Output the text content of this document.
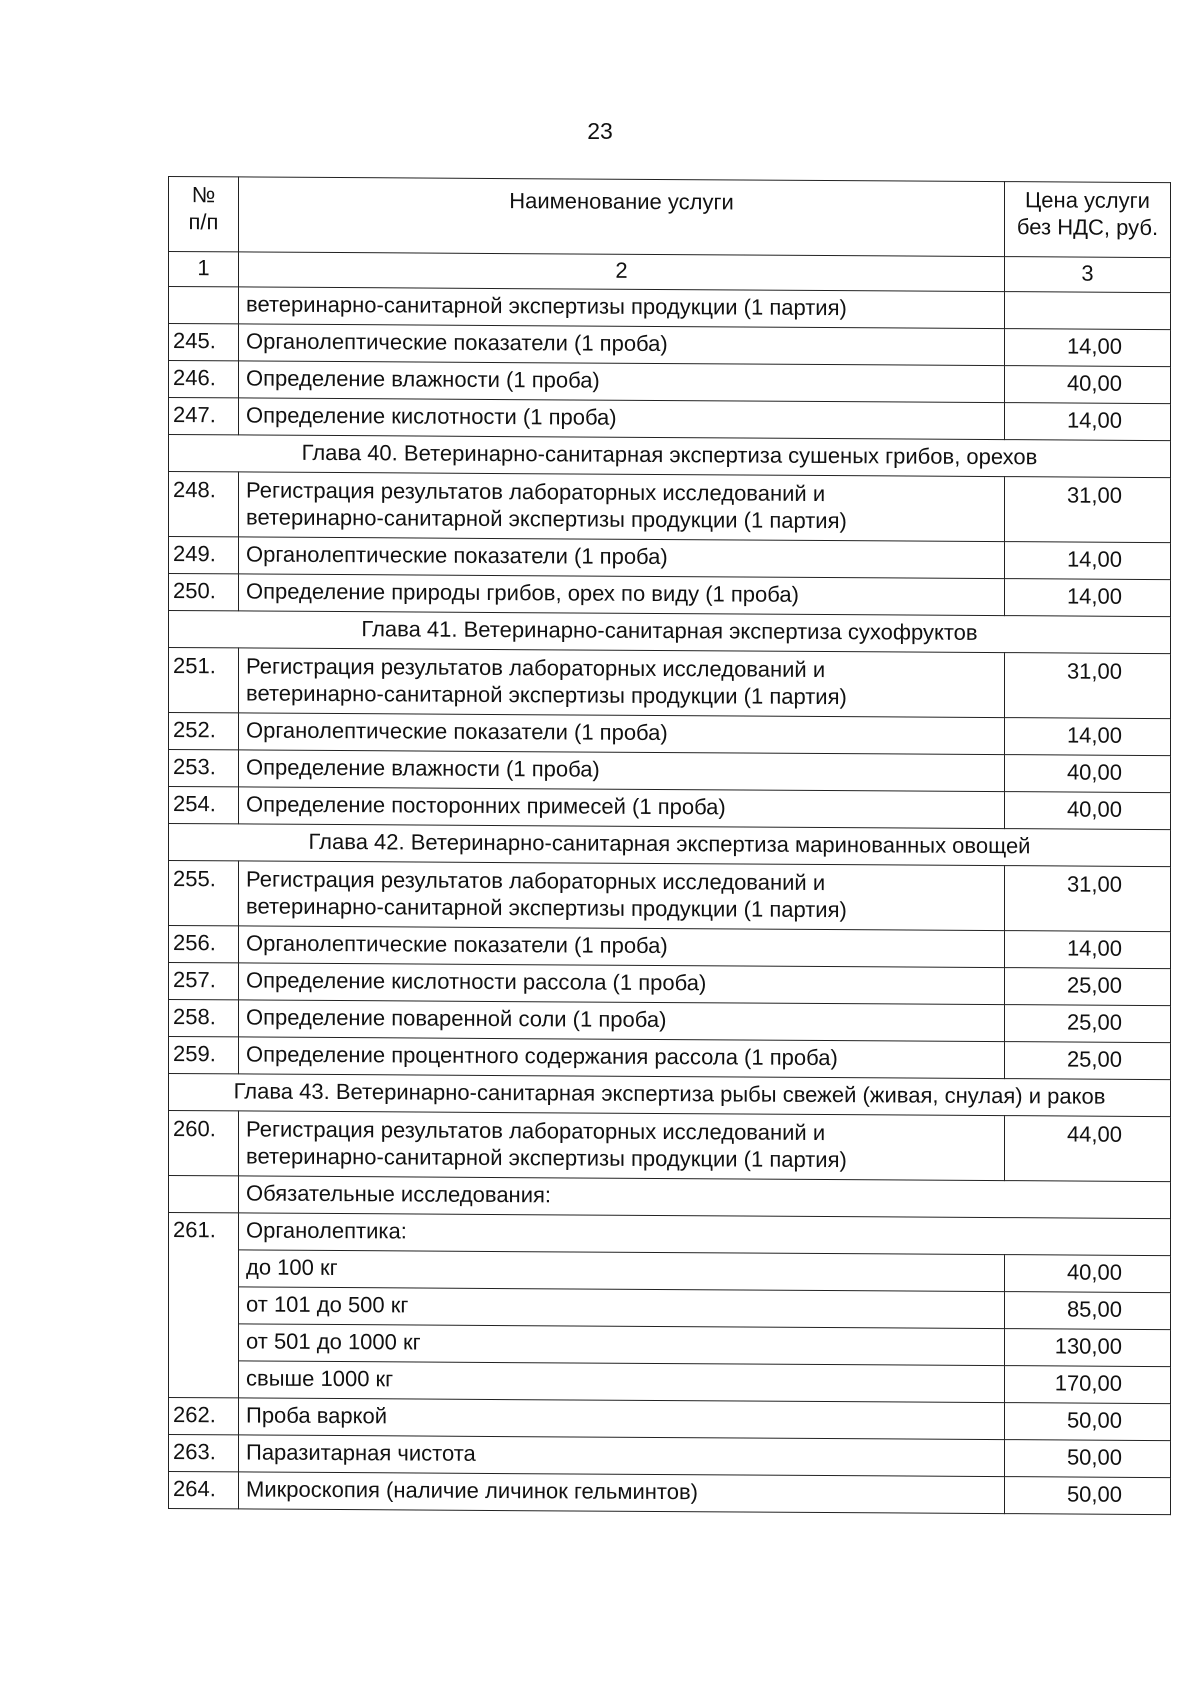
23
№
п/п	Наименование услуги	Цена услуги
без НДС, руб.

1	2	3

	ветеринарно-санитарной экспертизы продукции (1 партия)	

245.	Органолептические показатели (1 проба)	14,00
246.	Определение влажности (1 проба)	40,00
247.	Определение кислотности (1 проба)	14,00
Глава 40. Ветеринарно-санитарная экспертиза сушеных грибов, орехов		
248.	Регистрация результатов лабораторных исследований и
ветеринарно-санитарной экспертизы продукции (1 партия)	31,00
249.	Органолептические показатели (1 проба)	14,00
250.	Определение природы грибов, орех по виду (1 проба)	14,00
Глава 41. Ветеринарно-санитарная экспертиза сухофруктов		
251.	Регистрация результатов лабораторных исследований и
ветеринарно-санитарной экспертизы продукции (1 партия)	31,00
252.	Органолептические показатели (1 проба)	14,00
253.	Определение влажности (1 проба)	40,00
254.	Определение посторонних примесей (1 проба)	40,00
Глава 42. Ветеринарно-санитарная экспертиза маринованных овощей		
255.	Регистрация результатов лабораторных исследований и
ветеринарно-санитарной экспертизы продукции (1 партия)	31,00
256.	Органолептические показатели (1 проба)	14,00
257.	Определение кислотности рассола (1 проба)	25,00
258.	Определение поваренной соли (1 проба)	25,00
259.	Определение процентного содержания рассола (1 проба)	25,00
Глава 43. Ветеринарно-санитарная экспертиза рыбы свежей (живая, снулая) и раков		
260.	Регистрация результатов лабораторных исследований и
ветеринарно-санитарной экспертизы продукции (1 партия)	44,00
	Обязательные исследования:	
261.	Органолептика:	
	до 100 кг	40,00
	от 101 до 500 кг	85,00
	от 501 до 1000 кг	130,00
	свыше 1000 кг	170,00
262.	Проба варкой	50,00
263.	Паразитарная чистота	50,00
264.	Микроскопия (наличие личинок гельминтов)	50,00
